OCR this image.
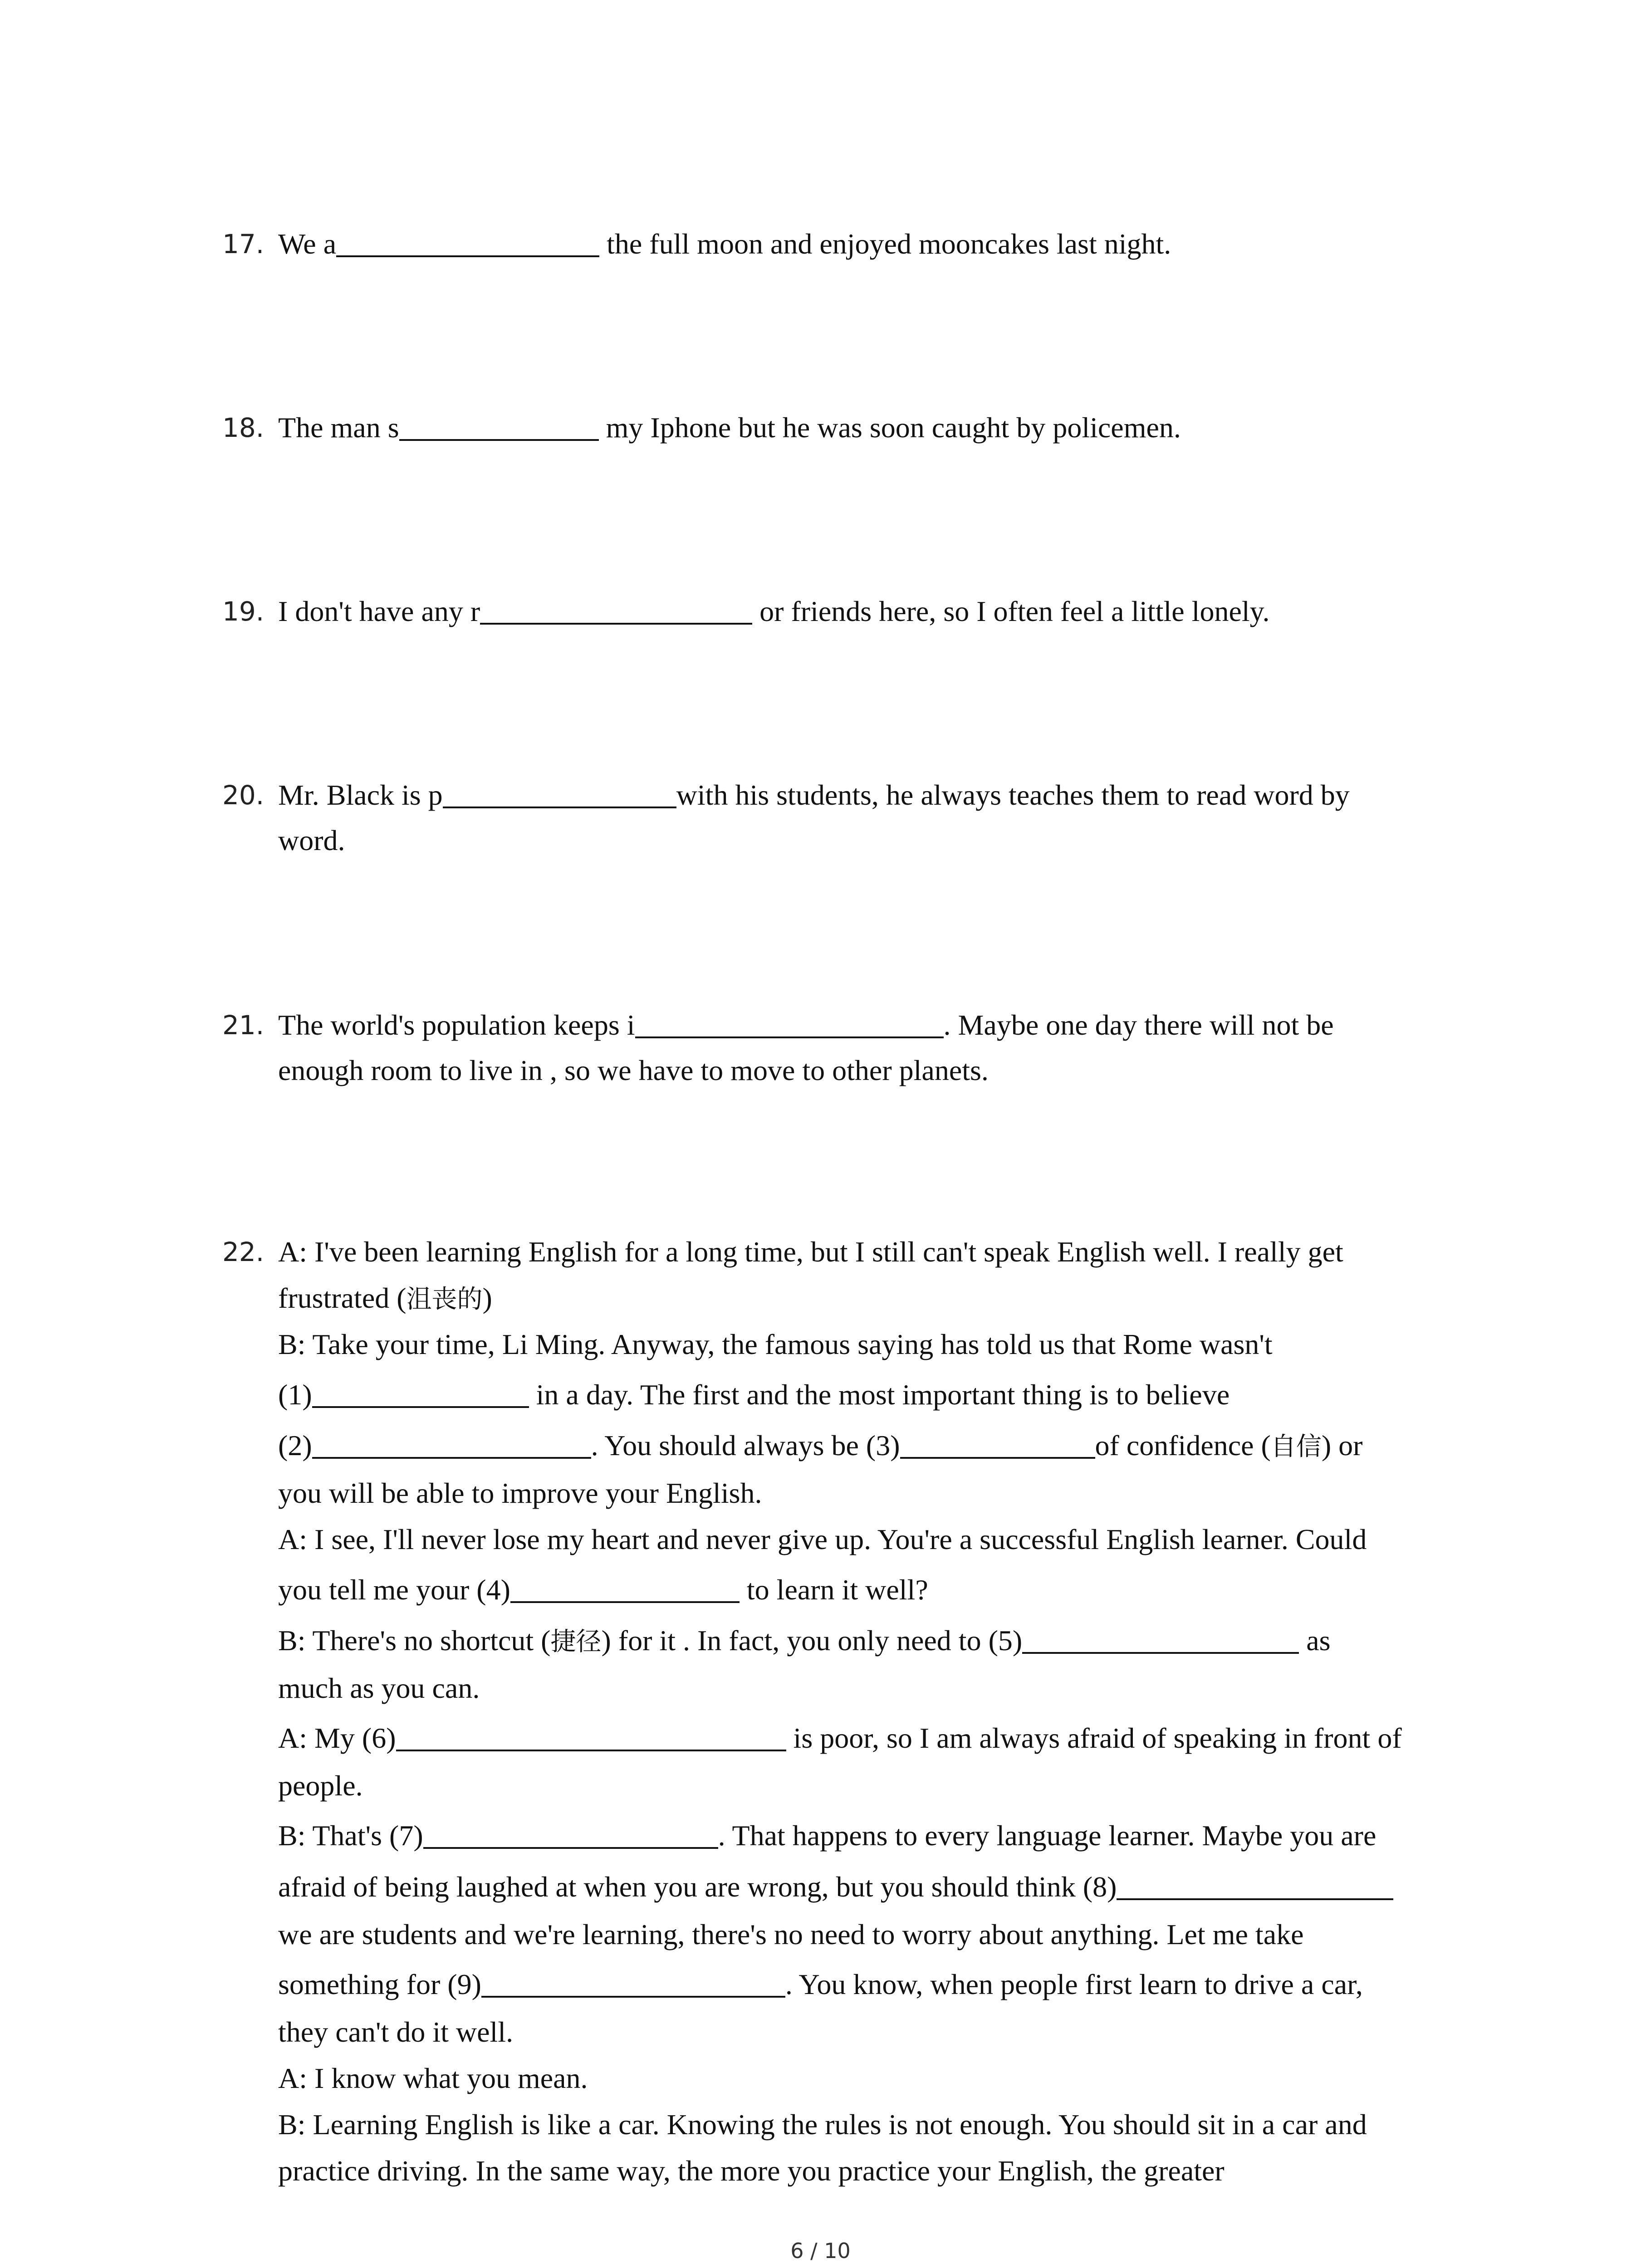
17. We a	the full moon and enjoyed mooncakes last night.
18. The man s	my Iphone but he was soon caught by policemen.
19. I don't have any r	or friends here, so I often feel a little lonely.
20. Mr. Black is p	with his students, he always teaches them to read word by
word.
21. The world's population keeps i	. Maybe one day there will not be
enough room to live in , so we have to move to other planets.
22. A: I've been learning English for a long time, but I still can't speak English well. I really get
frustrated (沮丧的)
B: Take your time, Li Ming. Anyway, the famous saying has told us that Rome wasn't
(1)	in a day. The first and the most important thing is to believe
(2)	. You should always be (3)	of confidence (自信) or
you will be able to improve your English.
A: I see, I'll never lose my heart and never give up. You're a successful English learner. Could
you tell me your (4)	to learn it well?
B: There's no shortcut (捷径) for it . In fact, you only need to (5)	as
much as you can.
A: My (6)	is poor, so I am always afraid of speaking in front of
people.
B: That's (7)	. That happens to every language learner. Maybe you are
afraid of being laughed at when you are wrong, but you should think (8)
we are students and we're learning, there's no need to worry about anything. Let me take
something for (9)	. You know, when people first learn to drive a car,
they can't do it well.
A: I know what you mean.
B: Learning English is like a car. Knowing the rules is not enough. You should sit in a car and
practice driving. In the same way, the more you practice your English, the greater
6 / 10
